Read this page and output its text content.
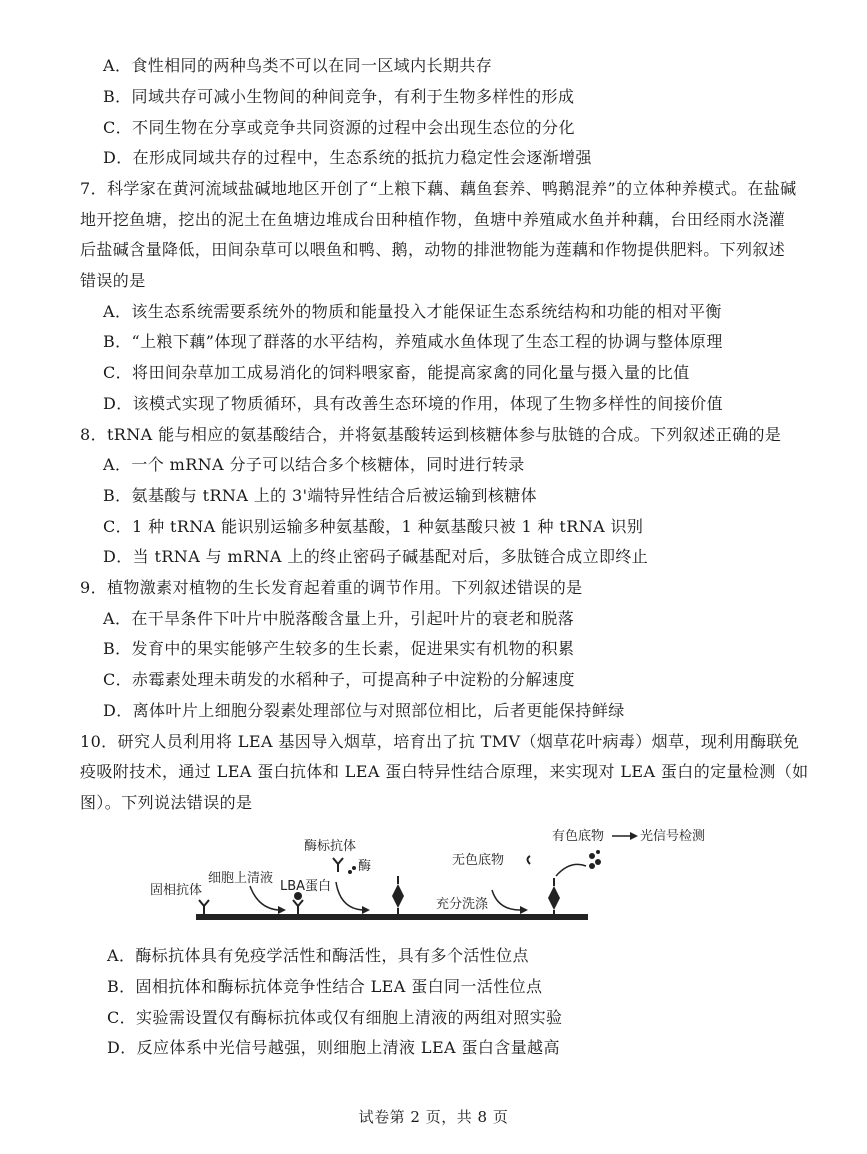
A．食性相同的两种鸟类不可以在同一区域内长期共存
B．同域共存可减小生物间的种间竞争，有利于生物多样性的形成
C．不同生物在分享或竞争共同资源的过程中会出现生态位的分化
D．在形成同域共存的过程中，生态系统的抵抗力稳定性会逐渐增强
7．科学家在黄河流域盐碱地地区开创了“上粮下藕、藕鱼套养、鸭鹅混养”的立体种养模式。在盐碱
地开挖鱼塘，挖出的泥土在鱼塘边堆成台田种植作物，鱼塘中养殖咸水鱼并种藕，台田经雨水浇灌
后盐碱含量降低，田间杂草可以喂鱼和鸭、鹅，动物的排泄物能为莲藕和作物提供肥料。下列叙述
错误的是
A．该生态系统需要系统外的物质和能量投入才能保证生态系统结构和功能的相对平衡
B．“上粮下藕”体现了群落的水平结构，养殖咸水鱼体现了生态工程的协调与整体原理
C．将田间杂草加工成易消化的饲料喂家畜，能提高家禽的同化量与摄入量的比值
D．该模式实现了物质循环，具有改善生态环境的作用，体现了生物多样性的间接价值
8．tRNA 能与相应的氨基酸结合，并将氨基酸转运到核糖体参与肽链的合成。下列叙述正确的是
A．一个 mRNA 分子可以结合多个核糖体，同时进行转录
B．氨基酸与 tRNA 上的 3'端特异性结合后被运输到核糖体
C．1 种 tRNA 能识别运输多种氨基酸，1 种氨基酸只被 1 种 tRNA 识别
D．当 tRNA 与 mRNA 上的终止密码子碱基配对后，多肽链合成立即终止
9．植物激素对植物的生长发育起着重的调节作用。下列叙述错误的是
A．在干旱条件下叶片中脱落酸含量上升，引起叶片的衰老和脱落
B．发育中的果实能够产生较多的生长素，促进果实有机物的积累
C．赤霉素处理未萌发的水稻种子，可提高种子中淀粉的分解速度
D．离体叶片上细胞分裂素处理部位与对照部位相比，后者更能保持鲜绿
10．研究人员利用将 LEA 基因导入烟草，培育出了抗 TMV（烟草花叶病毒）烟草，现利用酶联免
疫吸附技术，通过 LEA 蛋白抗体和 LEA 蛋白特异性结合原理，来实现对 LEA 蛋白的定量检测（如
图）。下列说法错误的是
固相抗体
细胞上清液
LBA蛋白
酶标抗体
酶
充分洗涤
无色底物
有色底物	光信号检测
A．酶标抗体具有免疫学活性和酶活性，具有多个活性位点
B．固相抗体和酶标抗体竞争性结合 LEA 蛋白同一活性位点
C．实验需设置仅有酶标抗体或仅有细胞上清液的两组对照实验
D．反应体系中光信号越强，则细胞上清液 LEA 蛋白含量越高
试卷第 2 页，共 8 页
